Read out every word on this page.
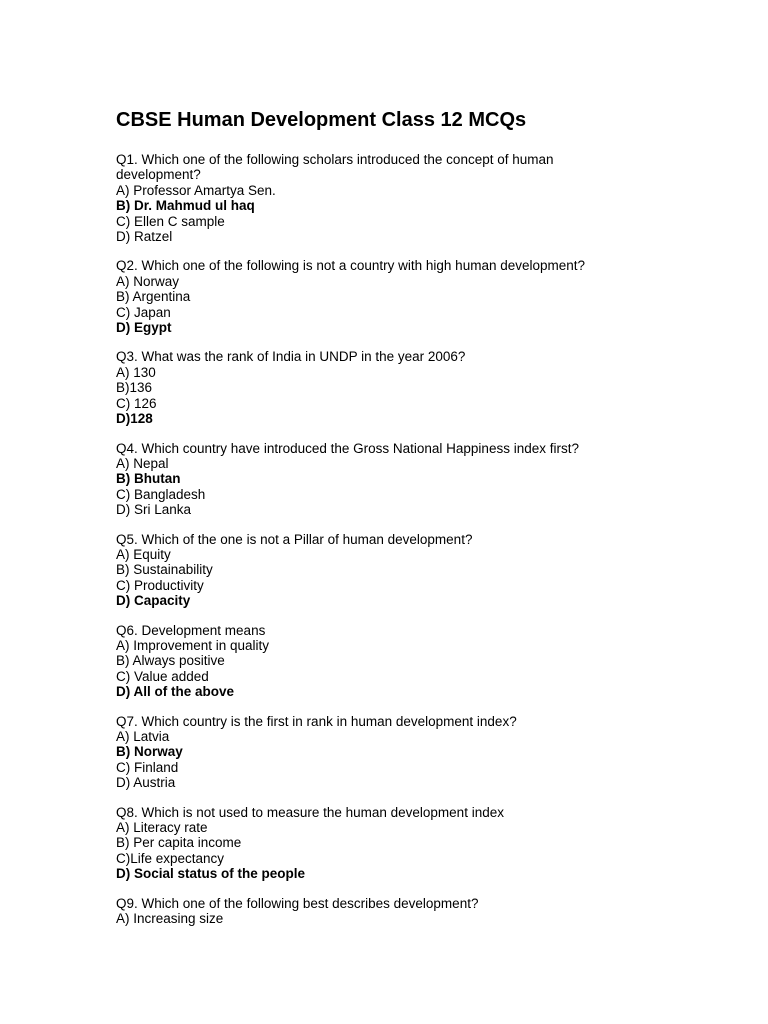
CBSE Human Development Class 12 MCQs
Q1. Which one of the following scholars introduced the concept of human development?
A) Professor Amartya Sen.
B) Dr. Mahmud ul haq
C) Ellen C sample
D) Ratzel
Q2. Which one of the following is not a country with high human development?
A) Norway
B) Argentina
C) Japan
D) Egypt
Q3. What was the rank of India in UNDP in the year 2006?
A) 130
B)136
C) 126
D)128
Q4. Which country have introduced the Gross National Happiness index first?
A) Nepal
B) Bhutan
C) Bangladesh
D) Sri Lanka
Q5. Which of the one is not a Pillar of human development?
A) Equity
B) Sustainability
C) Productivity
D) Capacity
Q6. Development means
A) Improvement in quality
B) Always positive
C) Value added
D) All of the above
Q7. Which country is the first in rank in human development index?
A) Latvia
B) Norway
C) Finland
D) Austria
Q8. Which is not used to measure the human development index
A) Literacy rate
B) Per capita income
C)Life expectancy
D) Social status of the people
Q9. Which one of the following best describes development?
A) Increasing size
